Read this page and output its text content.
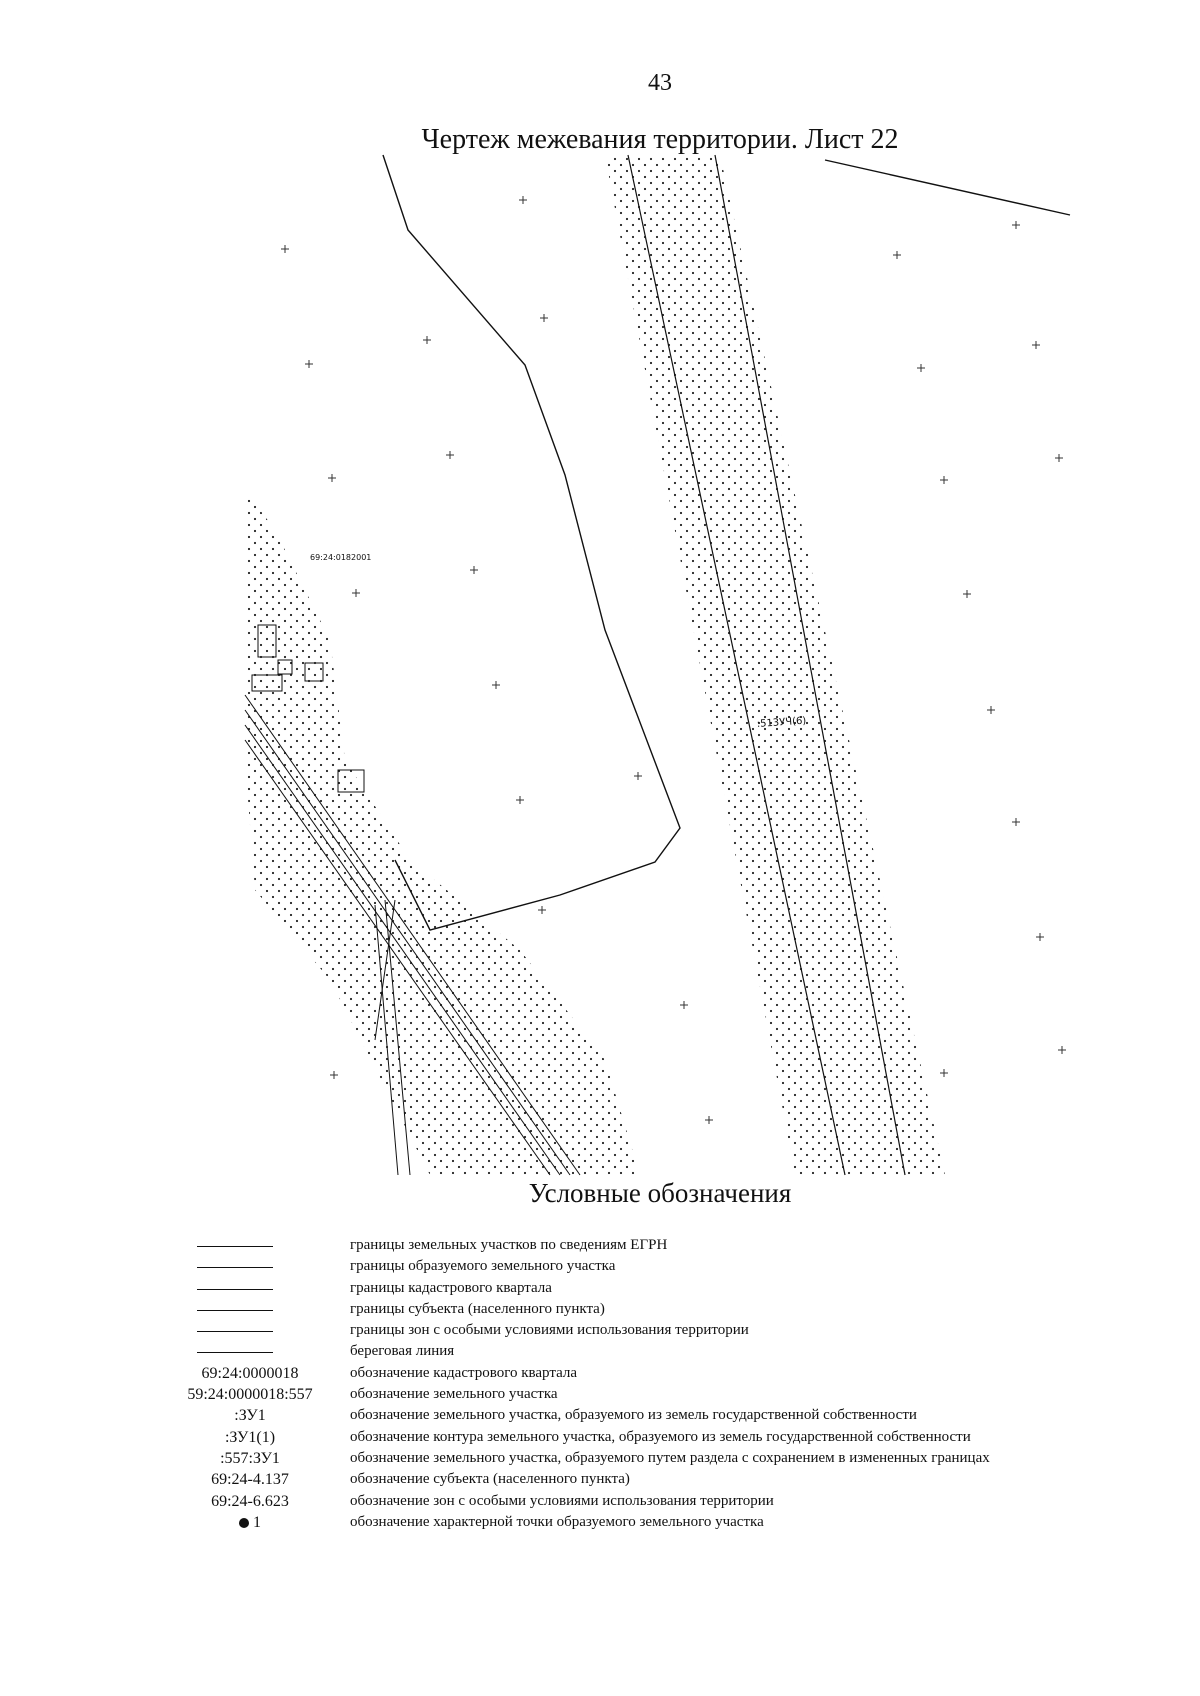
43
Чертеж межевания территории. Лист 22
69:24:0182001
:513УЧ(6)
Условные обозначения
границы земельных участков по сведениям ЕГРН
границы образуемого земельного участка
границы кадастрового квартала
границы субъекта (населенного пункта)
границы зон с особыми условиями использования территории
береговая линия
69:24:0000018	обозначение кадастрового квартала
59:24:0000018:557	обозначение земельного участка
:ЗУ1	обозначение земельного участка, образуемого из земель государственной собственности
:ЗУ1(1)	обозначение контура земельного участка, образуемого из земель государственной собственности
:557:ЗУ1	обозначение земельного участка, образуемого путем раздела с сохранением в измененных границах
69:24-4.137	обозначение субъекта (населенного пункта)
69:24-6.623	обозначение зон с особыми условиями использования территории
1	обозначение характерной точки образуемого земельного участка
